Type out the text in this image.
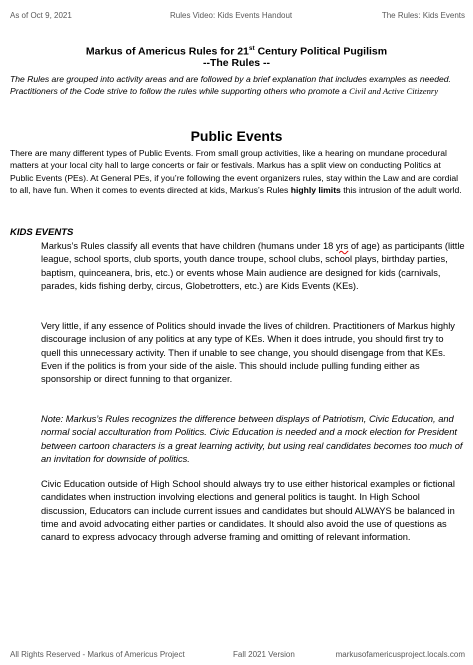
As of Oct 9, 2021	Rules Video: Kids Events Handout	The Rules: Kids Events
Markus of Americus Rules for 21st Century Political Pugilism
--The Rules --
The Rules are grouped into activity areas and are followed by a brief explanation that includes examples as needed. Practitioners of the Code strive to follow the rules while supporting others who promote a Civil and Active Citizenry
Public Events
There are many different types of Public Events. From small group activities, like a hearing on mundane procedural matters at your local city hall to large concerts or fair or festivals. Markus has a split view on conducting Politics at Public Events (PEs). At General PEs, if you’re following the event organizers rules, stay within the Law and are cordial to all, have fun. When it comes to events directed at kids, Markus’s Rules highly limits this intrusion of the adult world.
KIDS EVENTS
Markus’s Rules classify all events that have children (humans under 18 yrs of age) as participants (little league, school sports, club sports, youth dance troupe, school clubs, school plays, birthday parties, baptism, quinceanera, bris, etc.) or events whose Main audience are designed for kids (carnivals, parades, kids fishing derby, circus, Globetrotters, etc.) are Kids Events (KEs).
Very little, if any essence of Politics should invade the lives of children. Practitioners of Markus highly discourage inclusion of any politics at any type of KEs. When it does intrude, you should first try to quell this unnecessary activity. Then if unable to see change, you should disengage from that KEs. Even if the politics is from your side of the aisle. This should include pulling funding either as sponsorship or direct funning to that organizer.
Note: Markus’s Rules recognizes the difference between displays of Patriotism, Civic Education, and normal social acculturation from Politics. Civic Education is needed and a mock election for President between cartoon characters is a great learning activity, but using real candidates becomes too much of an invitation for downside of politics.
Civic Education outside of High School should always try to use either historical examples or fictional candidates when instruction involving elections and general politics is taught. In High School discussion, Educators can include current issues and candidates but should ALWAYS be balanced in time and avoid advocating either parties or candidates. It should also avoid the use of questions as canard to express advocacy through adverse framing and omitting of relevant information.
All Rights Reserved - Markus of Americus Project	Fall 2021 Version	markusofamericusproject.locals.com
